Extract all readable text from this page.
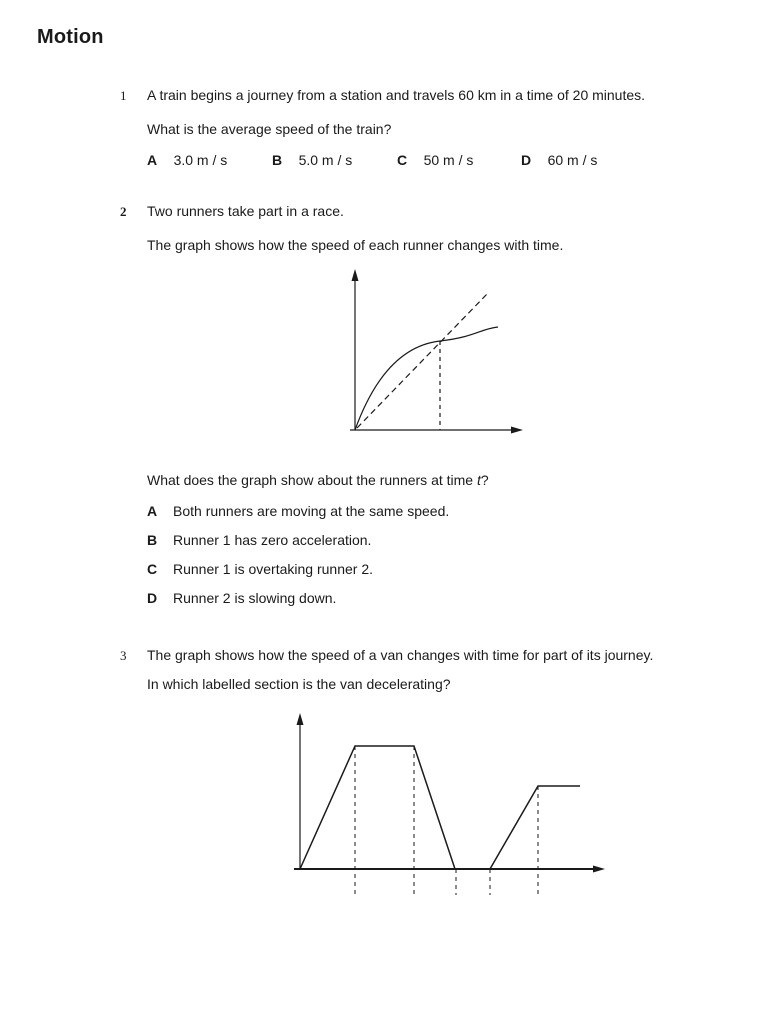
Motion
1 A train begins a journey from a station and travels 60 km in a time of 20 minutes.
What is the average speed of the train?
A 3.0 m / s	B 5.0 m / s	C 50 m / s	D 60 m / s
2 Two runners take part in a race.
The graph shows how the speed of each runner changes with time.
What does the graph show about the runners at time t?
A Both runners are moving at the same speed.
B Runner 1 has zero acceleration.
C Runner 1 is overtaking runner 2.
D Runner 2 is slowing down.
3 The graph shows how the speed of a van changes with time for part of its journey.
In which labelled section is the van decelerating?
